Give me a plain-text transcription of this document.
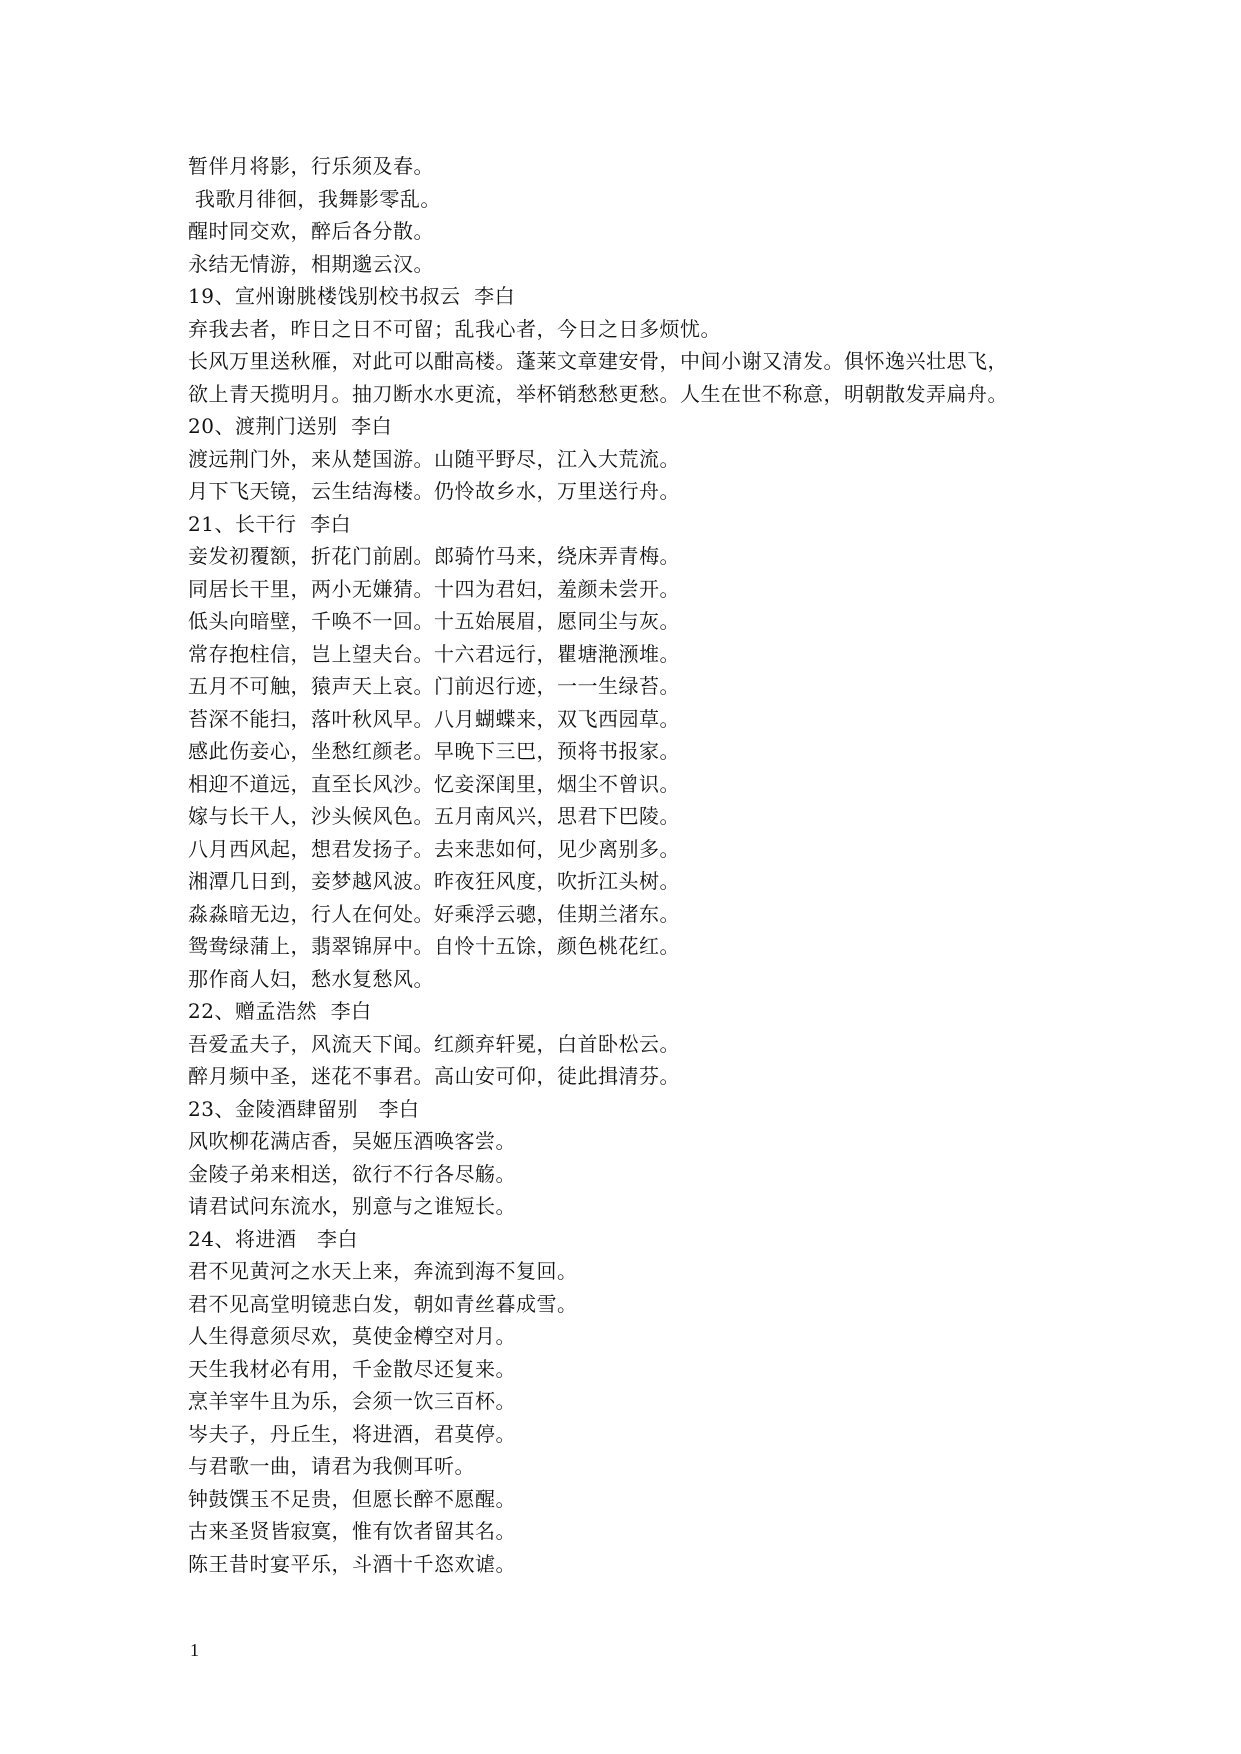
暂伴月将影，行乐须及春。
我歌月徘徊，我舞影零乱。
醒时同交欢，醉后各分散。
永结无情游，相期邈云汉。
19、宣州谢朓楼饯别校书叔云  李白
弃我去者，昨日之日不可留；乱我心者，今日之日多烦忧。
长风万里送秋雁，对此可以酣高楼。蓬莱文章建安骨，中间小谢又清发。俱怀逸兴壮思飞，
欲上青天揽明月。抽刀断水水更流，举杯销愁愁更愁。人生在世不称意，明朝散发弄扁舟。
20、渡荆门送别  李白
渡远荆门外，来从楚国游。山随平野尽，江入大荒流。
月下飞天镜，云生结海楼。仍怜故乡水，万里送行舟。
21、长干行  李白
妾发初覆额，折花门前剧。郎骑竹马来，绕床弄青梅。
同居长干里，两小无嫌猜。十四为君妇，羞颜未尝开。
低头向暗壁，千唤不一回。十五始展眉，愿同尘与灰。
常存抱柱信，岂上望夫台。十六君远行，瞿塘滟滪堆。
五月不可触，猿声天上哀。门前迟行迹，一一生绿苔。
苔深不能扫，落叶秋风早。八月蝴蝶来，双飞西园草。
感此伤妾心，坐愁红颜老。早晚下三巴，预将书报家。
相迎不道远，直至长风沙。忆妾深闺里，烟尘不曾识。
嫁与长干人，沙头候风色。五月南风兴，思君下巴陵。
八月西风起，想君发扬子。去来悲如何，见少离别多。
湘潭几日到，妾梦越风波。昨夜狂风度，吹折江头树。
淼淼暗无边，行人在何处。好乘浮云骢，佳期兰渚东。
鸳鸯绿蒲上，翡翠锦屏中。自怜十五馀，颜色桃花红。
那作商人妇，愁水复愁风。
22、赠孟浩然  李白
吾爱孟夫子，风流天下闻。红颜弃轩冕，白首卧松云。
醉月频中圣，迷花不事君。高山安可仰，徒此揖清芬。
23、金陵酒肆留别   李白
风吹柳花满店香，吴姬压酒唤客尝。
金陵子弟来相送，欲行不行各尽觞。
请君试问东流水，别意与之谁短长。
24、将进酒   李白
君不见黄河之水天上来，奔流到海不复回。
君不见高堂明镜悲白发，朝如青丝暮成雪。
人生得意须尽欢，莫使金樽空对月。
天生我材必有用，千金散尽还复来。
烹羊宰牛且为乐，会须一饮三百杯。
岑夫子，丹丘生，将进酒，君莫停。
与君歌一曲，请君为我侧耳听。
钟鼓馔玉不足贵，但愿长醉不愿醒。
古来圣贤皆寂寞，惟有饮者留其名。
陈王昔时宴平乐，斗酒十千恣欢谑。
1
